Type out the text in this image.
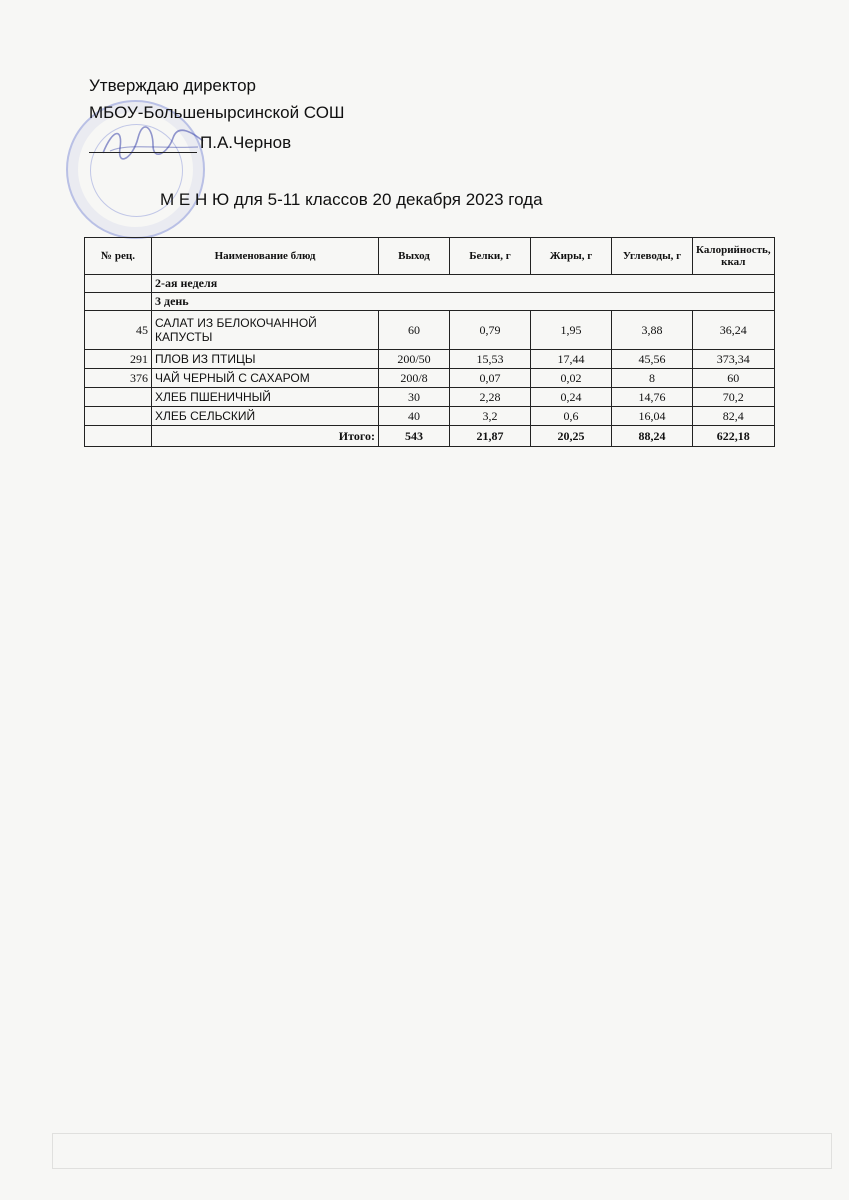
Утверждаю директор
МБОУ-Большенырсинской СОШ
П.А.Чернов
М Е Н Ю для 5-11 классов 20 декабря 2023 года
№ рец.	Наименование блюд	Выход	Белки, г	Жиры, г	Углеводы, г	Калорийность, ккал
	2-ая неделя					
	3 день					
45	САЛАТ ИЗ БЕЛОКОЧАННОЙ КАПУСТЫ	60	0,79	1,95	3,88	36,24
291	ПЛОВ ИЗ ПТИЦЫ	200/50	15,53	17,44	45,56	373,34
376	ЧАЙ ЧЕРНЫЙ С САХАРОМ	200/8	0,07	0,02	8	60
	ХЛЕБ ПШЕНИЧНЫЙ	30	2,28	0,24	14,76	70,2
	ХЛЕБ СЕЛЬСКИЙ	40	3,2	0,6	16,04	82,4
	Итого:	543	21,87	20,25	88,24	622,18
